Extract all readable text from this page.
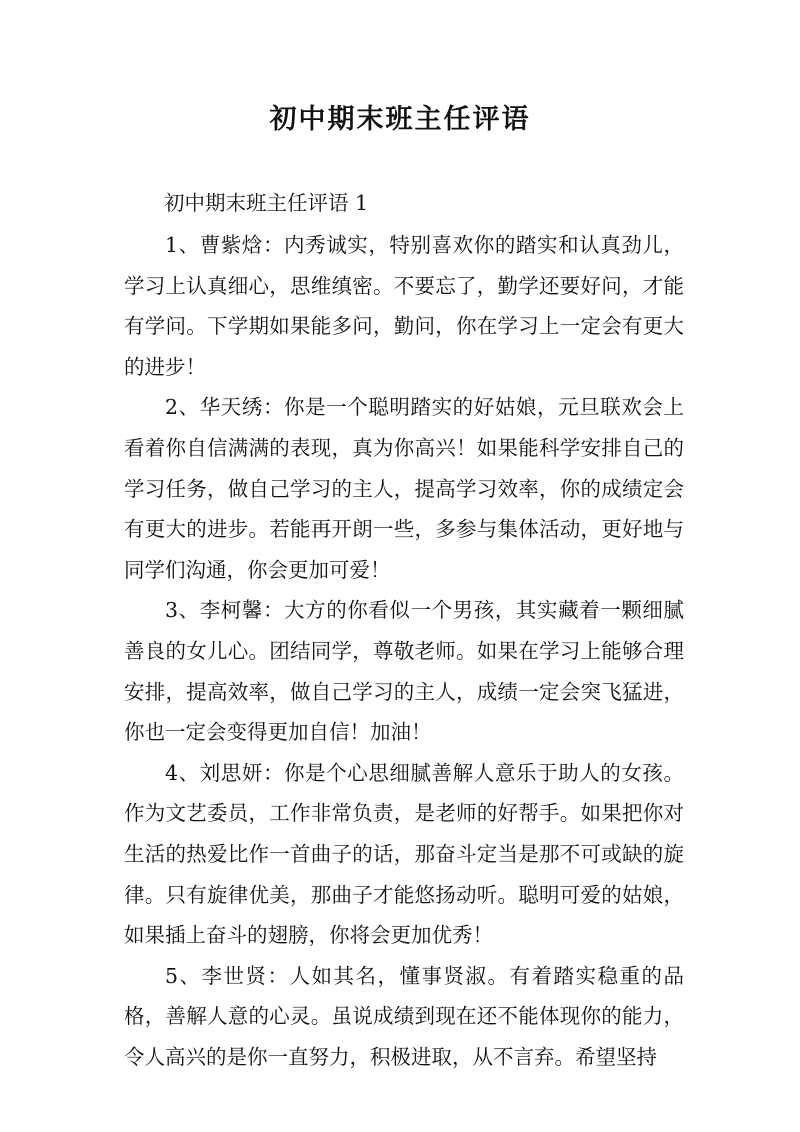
初中期末班主任评语

初中期末班主任评语 1

1、曹紫焓：内秀诚实，特别喜欢你的踏实和认真劲儿，学习上认真细心，思维缜密。不要忘了，勤学还要好问，才能有学问。下学期如果能多问，勤问，你在学习上一定会有更大的进步！

2、华天绣：你是一个聪明踏实的好姑娘，元旦联欢会上看着你自信满满的表现，真为你高兴！如果能科学安排自己的学习任务，做自己学习的主人，提高学习效率，你的成绩定会有更大的进步。若能再开朗一些，多参与集体活动，更好地与同学们沟通，你会更加可爱！

3、李柯馨：大方的你看似一个男孩，其实藏着一颗细腻善良的女儿心。团结同学，尊敬老师。如果在学习上能够合理安排，提高效率，做自己学习的主人，成绩一定会突飞猛进，你也一定会变得更加自信！加油！

4、刘思妍：你是个心思细腻善解人意乐于助人的女孩。作为文艺委员，工作非常负责，是老师的好帮手。如果把你对生活的热爱比作一首曲子的话，那奋斗定当是那不可或缺的旋律。只有旋律优美，那曲子才能悠扬动听。聪明可爱的姑娘，如果插上奋斗的翅膀，你将会更加优秀！

5、李世贤：人如其名，懂事贤淑。有着踏实稳重的品格，善解人意的心灵。虽说成绩到现在还不能体现你的能力，令人高兴的是你一直努力，积极进取，从不言弃。希望坚持
